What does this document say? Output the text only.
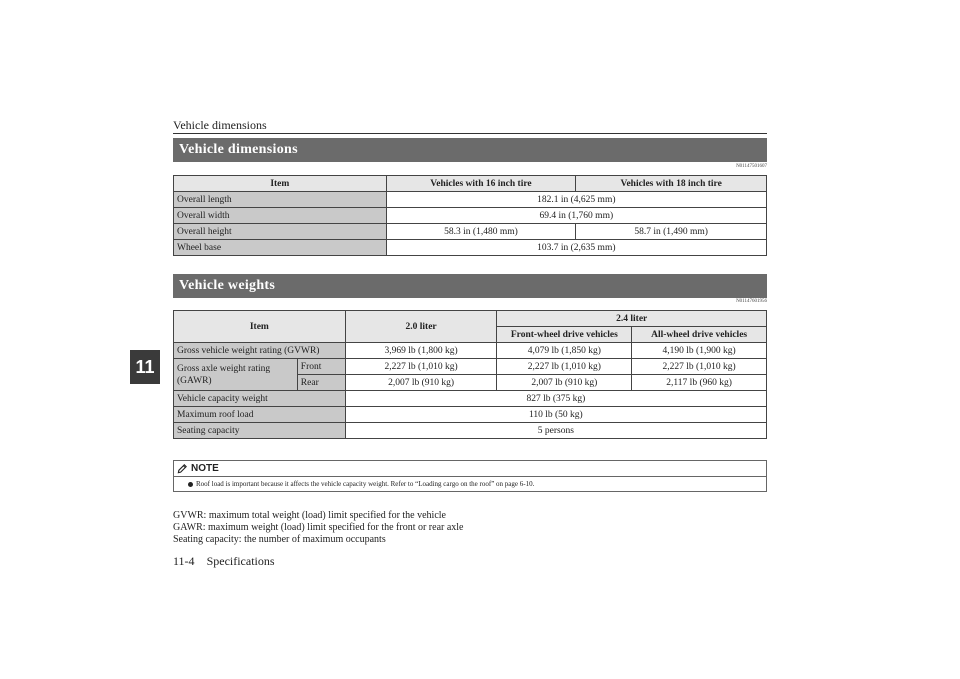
Vehicle dimensions
11
Vehicle dimensions
N01147501607
Item	Vehicles with 16 inch tire	Vehicles with 18 inch tire
Overall length	182.1 in (4,625 mm)	
Overall width	69.4 in (1,760 mm)	
Overall height	58.3 in (1,480 mm)	58.7 in (1,490 mm)
Wheel base	103.7 in (2,635 mm)	
Vehicle weights
N01147601956
Item		2.0 liter	2.4 liter	
			Front-wheel drive vehicles	All-wheel drive vehicles
Gross vehicle weight rating (GVWR)		3,969 lb (1,800 kg)	4,079 lb (1,850 kg)	4,190 lb (1,900 kg)
Gross axle weight rating (GAWR)	Front	2,227 lb (1,010 kg)	2,227 lb (1,010 kg)	2,227 lb (1,010 kg)
	Rear	2,007 lb (910 kg)	2,007 lb (910 kg)	2,117 lb (960 kg)
Vehicle capacity weight		827 lb (375 kg)		
Maximum roof load		110 lb (50 kg)		
Seating capacity		5 persons		
NOTE
Roof load is important because it affects the vehicle capacity weight. Refer to “Loading cargo on the roof” on page 6-10.
GVWR: maximum total weight (load) limit specified for the vehicle
GAWR: maximum weight (load) limit specified for the front or rear axle
Seating capacity: the number of maximum occupants
11-4 Specifications
